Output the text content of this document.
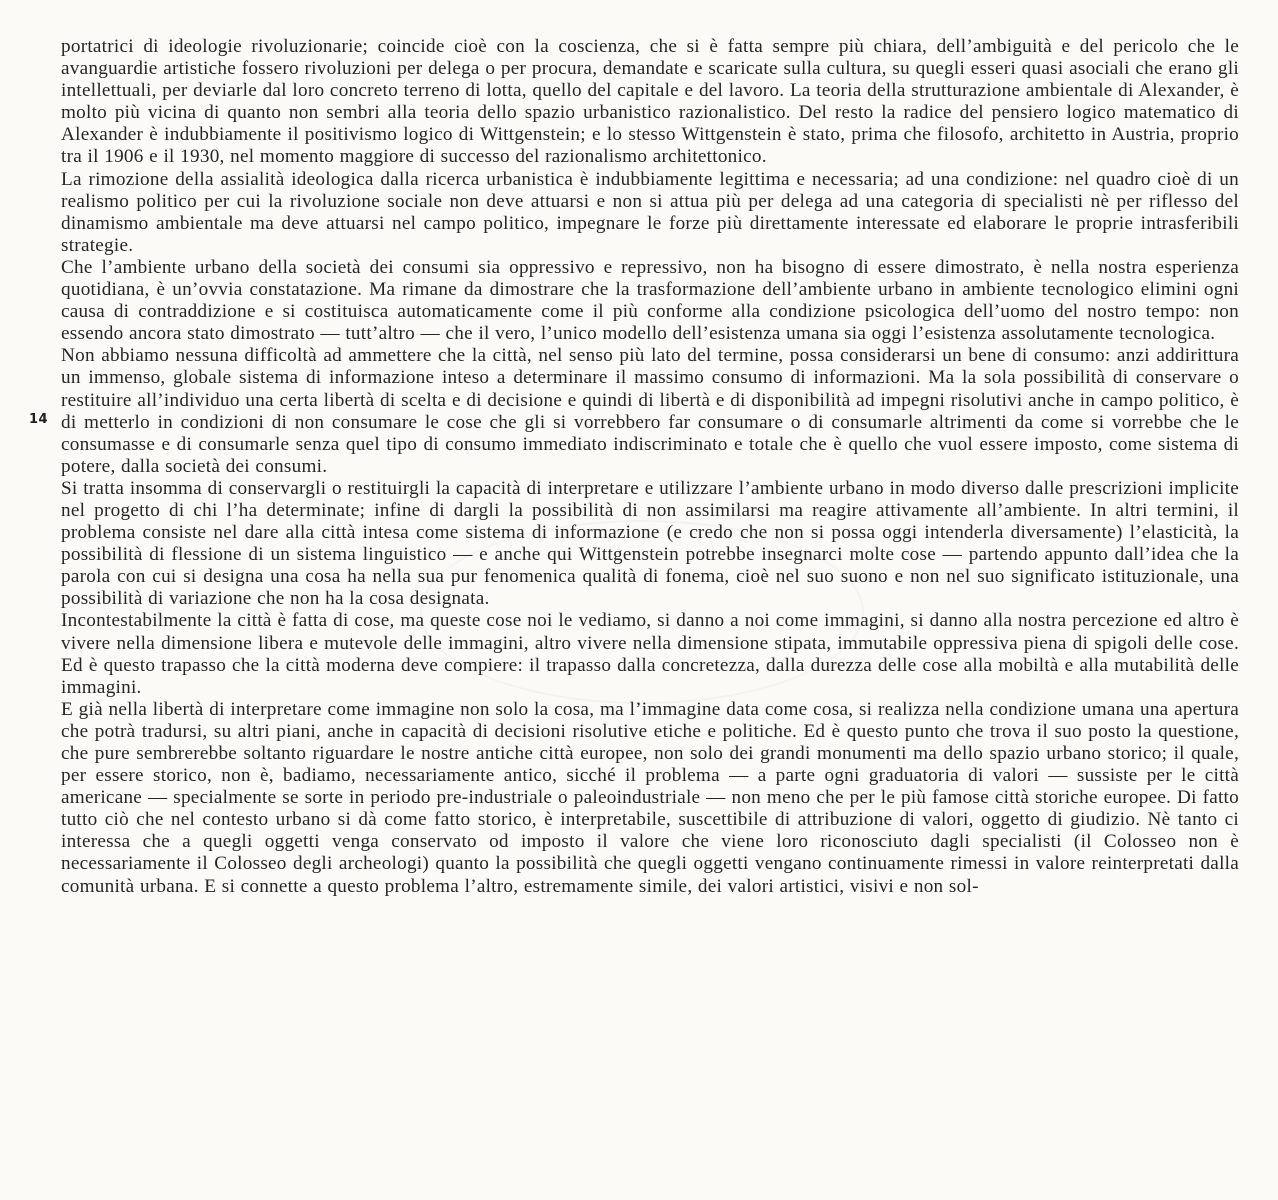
14

portatrici di ideologie rivoluzionarie; coincide cioè con la coscienza, che si è fatta sempre più chiara, dell’ambiguità e del pericolo che le avanguardie artistiche fossero rivoluzioni per delega o per procura, demandate e scaricate sulla cultura, su quegli esseri quasi asociali che erano gli intellettuali, per deviarle dal loro concreto terreno di lotta, quello del capitale e del lavoro. La teoria della strutturazione ambientale di Alexander, è molto più vicina di quanto non sembri alla teoria dello spazio urbanistico razionalistico. Del resto la radice del pensiero logico matematico di Alexander è indubbiamente il positivismo logico di Wittgenstein; e lo stesso Wittgenstein è stato, prima che filosofo, architetto in Austria, proprio tra il 1906 e il 1930, nel momento maggiore di successo del razionalismo architettonico.

La rimozione della assialità ideologica dalla ricerca urbanistica è indubbiamente legittima e necessaria; ad una condizione: nel quadro cioè di un realismo politico per cui la rivoluzione sociale non deve attuarsi e non si attua più per delega ad una categoria di specialisti nè per riflesso del dinamismo ambientale ma deve attuarsi nel campo politico, impegnare le forze più direttamente interessate ed elaborare le proprie intrasferibili strategie.

Che l’ambiente urbano della società dei consumi sia oppressivo e repressivo, non ha bisogno di essere dimostrato, è nella nostra esperienza quotidiana, è un’ovvia constatazione. Ma rimane da dimostrare che la trasformazione dell’ambiente urbano in ambiente tecnologico elimini ogni causa di contraddizione e si costituisca automaticamente come il più conforme alla condizione psicologica dell’uomo del nostro tempo: non essendo ancora stato dimostrato — tutt’altro — che il vero, l’unico modello dell’esistenza umana sia oggi l’esistenza assolutamente tecnologica.

Non abbiamo nessuna difficoltà ad ammettere che la città, nel senso più lato del termine, possa considerarsi un bene di consumo: anzi addirittura un immenso, globale sistema di informazione inteso a determinare il massimo consumo di informazioni. Ma la sola possibilità di conservare o restituire all’individuo una certa libertà di scelta e di decisione e quindi di libertà e di disponibilità ad impegni risolutivi anche in campo politico, è di metterlo in condizioni di non consumare le cose che gli si vorrebbero far consumare o di consumarle altrimenti da come si vorrebbe che le consumasse e di consumarle senza quel tipo di consumo immediato indiscriminato e totale che è quello che vuol essere imposto, come sistema di potere, dalla società dei consumi.

Si tratta insomma di conservargli o restituirgli la capacità di interpretare e utilizzare l’ambiente urbano in modo diverso dalle prescrizioni implicite nel progetto di chi l’ha determinate; infine di dargli la possibilità di non assimilarsi ma reagire attivamente all’ambiente. In altri termini, il problema consiste nel dare alla città intesa come sistema di informazione (e credo che non si possa oggi intenderla diversamente) l’elasticità, la possibilità di flessione di un sistema linguistico — e anche qui Wittgenstein potrebbe insegnarci molte cose — partendo appunto dall’idea che la parola con cui si designa una cosa ha nella sua pur fenomenica qualità di fonema, cioè nel suo suono e non nel suo significato istituzionale, una possibilità di variazione che non ha la cosa designata.

Incontestabilmente la città è fatta di cose, ma queste cose noi le vediamo, si danno a noi come immagini, si danno alla nostra percezione ed altro è vivere nella dimensione libera e mutevole delle immagini, altro vivere nella dimensione stipata, immutabile oppressiva piena di spigoli delle cose. Ed è questo trapasso che la città moderna deve compiere: il trapasso dalla concretezza, dalla durezza delle cose alla mobiltà e alla mutabilità delle immagini.

E già nella libertà di interpretare come immagine non solo la cosa, ma l’immagine data come cosa, si realizza nella condizione umana una apertura che potrà tradursi, su altri piani, anche in capacità di decisioni risolutive etiche e politiche. Ed è questo punto che trova il suo posto la questione, che pure sembrerebbe soltanto riguardare le nostre antiche città europee, non solo dei grandi monumenti ma dello spazio urbano storico; il quale, per essere storico, non è, badiamo, necessariamente antico, sicché il problema — a parte ogni graduatoria di valori — sussiste per le città americane — specialmente se sorte in periodo pre-industriale o paleoindustriale — non meno che per le più famose città storiche europee. Di fatto tutto ciò che nel contesto urbano si dà come fatto storico, è interpretabile, suscettibile di attribuzione di valori, oggetto di giudizio. Nè tanto ci interessa che a quegli oggetti venga conservato od imposto il valore che viene loro riconosciuto dagli specialisti (il Colosseo non è necessariamente il Colosseo degli archeologi) quanto la possibilità che quegli oggetti vengano continuamente rimessi in valore reinterpretati dalla comunità urbana. E si connette a questo problema l’altro, estremamente simile, dei valori artistici, visivi e non sol-
